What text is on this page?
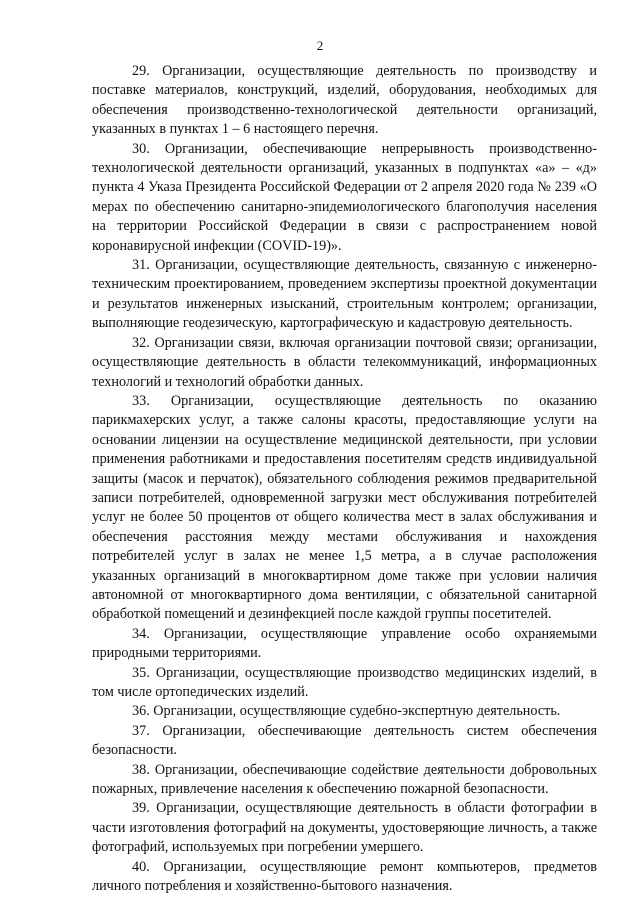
2

29. Организации, осуществляющие деятельность по производству и поставке материалов, конструкций, изделий, оборудования, необходимых для обеспечения производственно-технологической деятельности организаций, указанных в пунктах 1 – 6 настоящего перечня.

30. Организации, обеспечивающие непрерывность производственно-технологической деятельности организаций, указанных в подпунктах «а» – «д» пункта 4 Указа Президента Российской Федерации от 2 апреля 2020 года № 239 «О мерах по обеспечению санитарно-эпидемиологического благополучия населения на территории Российской Федерации в связи с распространением новой коронавирусной инфекции (COVID-19)».

31. Организации, осуществляющие деятельность, связанную с инженерно-техническим проектированием, проведением экспертизы проектной документации и результатов инженерных изысканий, строительным контролем; организации, выполняющие геодезическую, картографическую и кадастровую деятельность.

32. Организации связи, включая организации почтовой связи; организации, осуществляющие деятельность в области телекоммуникаций, информационных технологий и технологий обработки данных.

33. Организации, осуществляющие деятельность по оказанию парикмахерских услуг, а также салоны красоты, предоставляющие услуги на основании лицензии на осуществление медицинской деятельности, при условии применения работниками и предоставления посетителям средств индивидуальной защиты (масок и перчаток), обязательного соблюдения режимов предварительной записи потребителей, одновременной загрузки мест обслуживания потребителей услуг не более 50 процентов от общего количества мест в залах обслуживания и обеспечения расстояния между местами обслуживания и нахождения потребителей услуг в залах не менее 1,5 метра, а в случае расположения указанных организаций в многоквартирном доме также при условии наличия автономной от многоквартирного дома вентиляции, с обязательной санитарной обработкой помещений и дезинфекцией после каждой группы посетителей.

34. Организации, осуществляющие управление особо охраняемыми природными территориями.

35. Организации, осуществляющие производство медицинских изделий, в том числе ортопедических изделий.

36. Организации, осуществляющие судебно-экспертную деятельность.

37. Организации, обеспечивающие деятельность систем обеспечения безопасности.

38. Организации, обеспечивающие содействие деятельности добровольных пожарных, привлечение населения к обеспечению пожарной безопасности.

39. Организации, осуществляющие деятельность в области фотографии в части изготовления фотографий на документы, удостоверяющие личность, а также фотографий, используемых при погребении умершего.

40. Организации, осуществляющие ремонт компьютеров, предметов личного потребления и хозяйственно-бытового назначения.
